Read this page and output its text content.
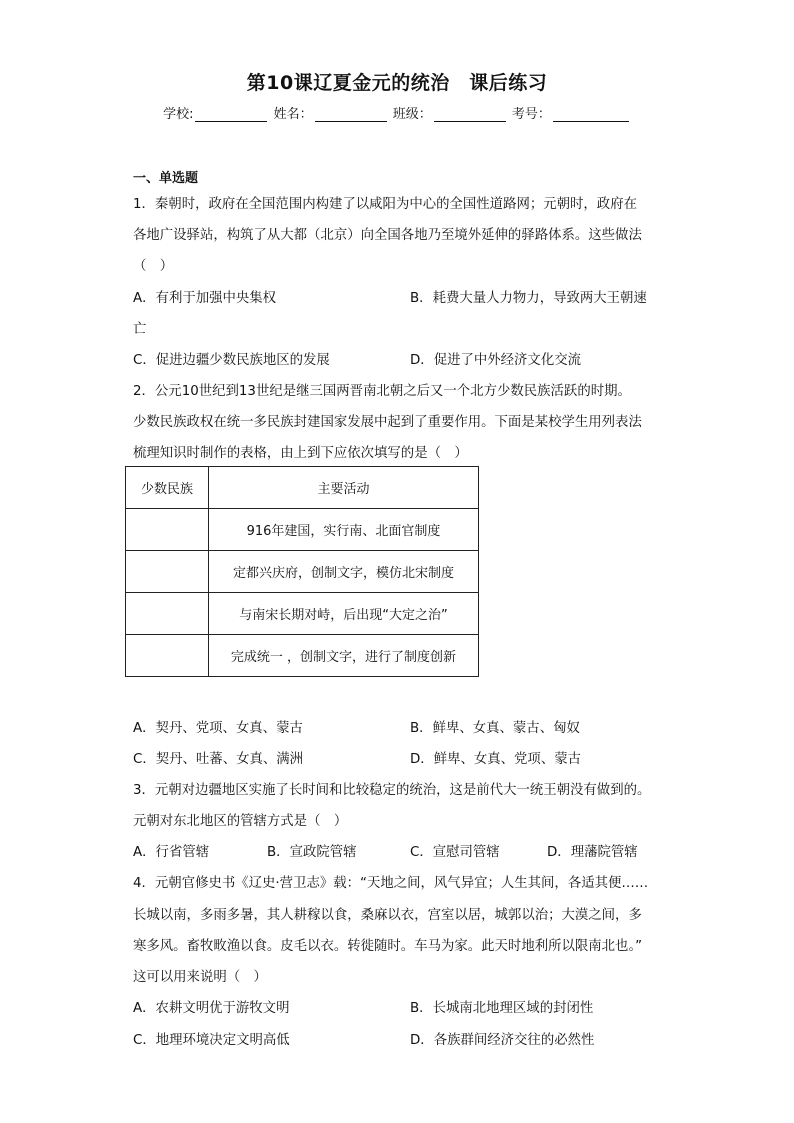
第10课辽夏金元的统治　课后练习
学校:	姓名：	班级：	考号：
一、单选题
1．秦朝时，政府在全国范围内构建了以咸阳为中心的全国性道路网；元朝时，政府在
各地广设驿站，构筑了从大都（北京）向全国各地乃至境外延伸的驿路体系。这些做法
（　）
A．有利于加强中央集权	B．耗费大量人力物力，导致两大王朝速
亡
C．促进边疆少数民族地区的发展	D．促进了中外经济文化交流
2．公元10世纪到13世纪是继三国两晋南北朝之后又一个北方少数民族活跃的时期。
少数民族政权在统一多民族封建国家发展中起到了重要作用。下面是某校学生用列表法
梳理知识时制作的表格，由上到下应依次填写的是（　）
少数民族	主要活动
	916年建国，实行南、北面官制度
	定都兴庆府，创制文字，模仿北宋制度
	与南宋长期对峙，后出现“大定之治”
	完成统一 ，创制文字，进行了制度创新
A．契丹、党项、女真、蒙古	B．鲜卑、女真、蒙古、匈奴
C．契丹、吐蕃、女真、满洲	D．鲜卑、女真、党项、蒙古
3．元朝对边疆地区实施了长时间和比较稳定的统治，这是前代大一统王朝没有做到的。
元朝对东北地区的管辖方式是（　）
A．行省管辖	B．宣政院管辖	C．宣慰司管辖	D．理藩院管辖
4．元朝官修史书《辽史·营卫志》载：“天地之间，风气异宜；人生其间，各适其便……
长城以南，多雨多暑，其人耕稼以食，桑麻以衣，宫室以居，城郭以治；大漠之间，多
寒多风。畜牧畋渔以食。皮毛以衣。转徙随时。车马为家。此天时地利所以限南北也。”
这可以用来说明（　）
A．农耕文明优于游牧文明	B．长城南北地理区域的封闭性
C．地理环境决定文明高低	D．各族群间经济交往的必然性
